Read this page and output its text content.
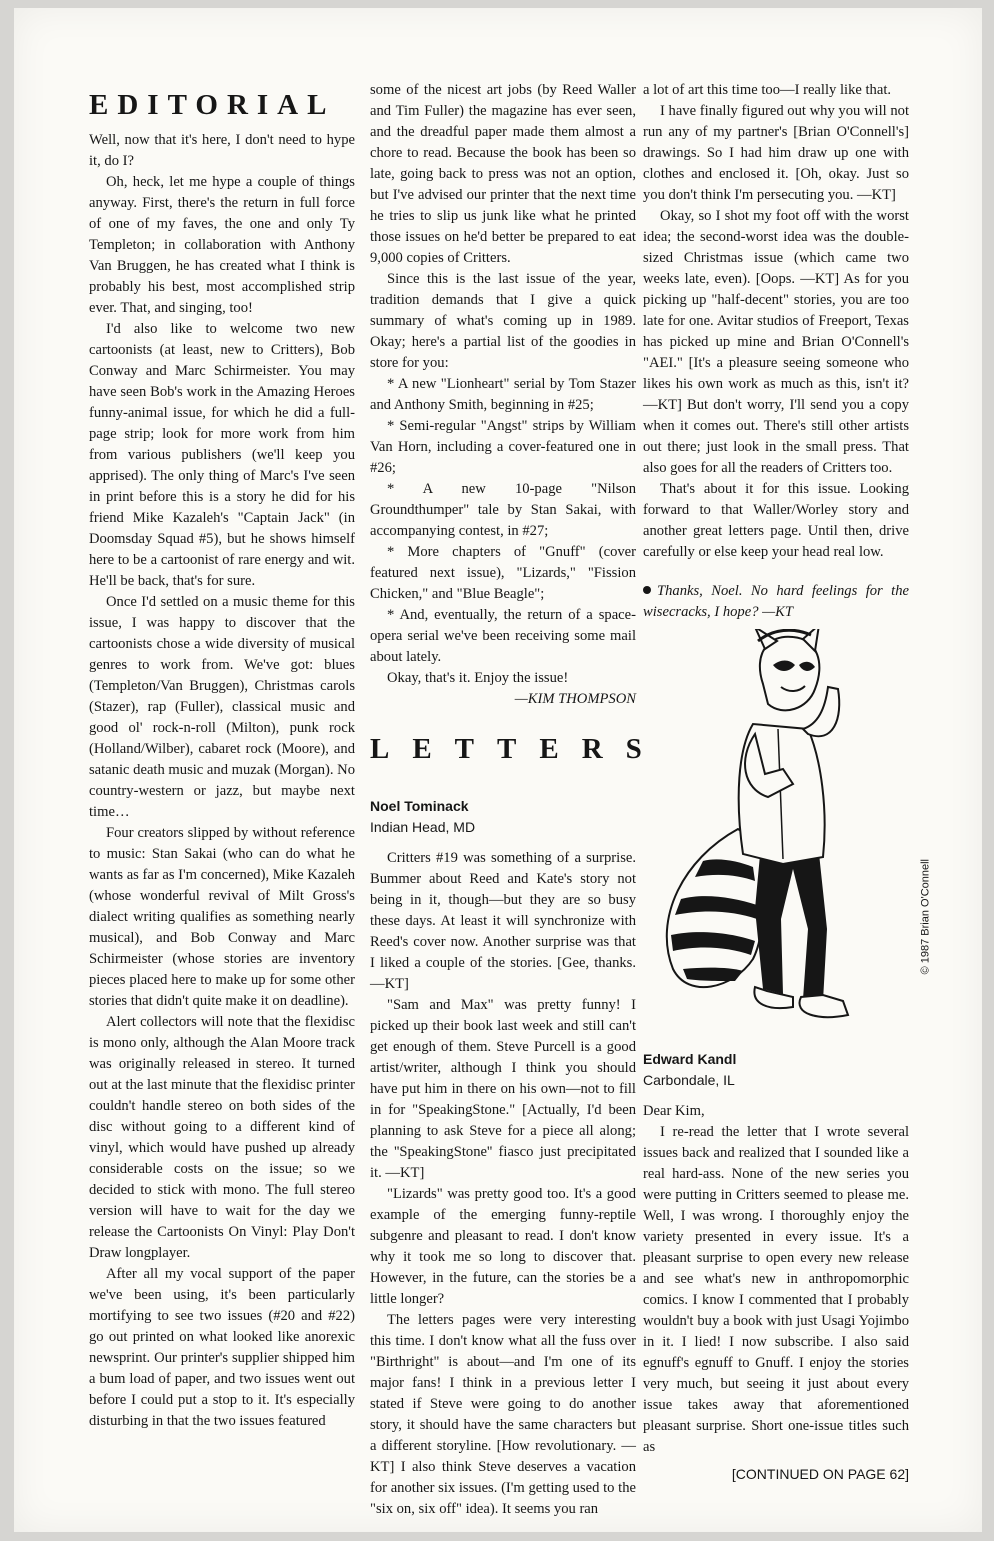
EDITORIAL

Well, now that it's here, I don't need to hype it, do I?

Oh, heck, let me hype a couple of things anyway. First, there's the return in full force of one of my faves, the one and only Ty Templeton; in collaboration with Anthony Van Bruggen, he has created what I think is probably his best, most accomplished strip ever. That, and singing, too!

I'd also like to welcome two new cartoonists (at least, new to Critters), Bob Conway and Marc Schirmeister. You may have seen Bob's work in the Amazing Heroes funny-animal issue, for which he did a full-page strip; look for more work from him from various publishers (we'll keep you apprised). The only thing of Marc's I've seen in print before this is a story he did for his friend Mike Kazaleh's "Captain Jack" (in Doomsday Squad #5), but he shows himself here to be a cartoonist of rare energy and wit. He'll be back, that's for sure.

Once I'd settled on a music theme for this issue, I was happy to discover that the cartoonists chose a wide diversity of musical genres to work from. We've got: blues (Templeton/Van Bruggen), Christmas carols (Stazer), rap (Fuller), classical music and good ol' rock-n-roll (Milton), punk rock (Holland/Wilber), cabaret rock (Moore), and satanic death music and muzak (Morgan). No country-western or jazz, but maybe next time…

Four creators slipped by without reference to music: Stan Sakai (who can do what he wants as far as I'm concerned), Mike Kazaleh (whose wonderful revival of Milt Gross's dialect writing qualifies as something nearly musical), and Bob Conway and Marc Schirmeister (whose stories are inventory pieces placed here to make up for some other stories that didn't quite make it on deadline).

Alert collectors will note that the flexidisc is mono only, although the Alan Moore track was originally released in stereo. It turned out at the last minute that the flexidisc printer couldn't handle stereo on both sides of the disc without going to a different kind of vinyl, which would have pushed up already considerable costs on the issue; so we decided to stick with mono. The full stereo version will have to wait for the day we release the Cartoonists On Vinyl: Play Don't Draw longplayer.

After all my vocal support of the paper we've been using, it's been particularly mortifying to see two issues (#20 and #22) go out printed on what looked like anorexic newsprint. Our printer's supplier shipped him a bum load of paper, and two issues went out before I could put a stop to it. It's especially disturbing in that the two issues featured

some of the nicest art jobs (by Reed Waller and Tim Fuller) the magazine has ever seen, and the dreadful paper made them almost a chore to read. Because the book has been so late, going back to press was not an option, but I've advised our printer that the next time he tries to slip us junk like what he printed those issues on he'd better be prepared to eat 9,000 copies of Critters.

Since this is the last issue of the year, tradition demands that I give a quick summary of what's coming up in 1989. Okay; here's a partial list of the goodies in store for you:

* A new "Lionheart" serial by Tom Stazer and Anthony Smith, beginning in #25;

* Semi-regular "Angst" strips by William Van Horn, including a cover-featured one in #26;

* A new 10-page "Nilson Groundthumper" tale by Stan Sakai, with accompanying contest, in #27;

* More chapters of "Gnuff" (cover featured next issue), "Lizards," "Fission Chicken," and "Blue Beagle";

* And, eventually, the return of a space-opera serial we've been receiving some mail about lately.

Okay, that's it. Enjoy the issue!

—KIM THOMPSON

LETTERS
Noel Tominack
Indian Head, MD

Critters #19 was something of a surprise. Bummer about Reed and Kate's story not being in it, though—but they are so busy these days. At least it will synchronize with Reed's cover now. Another surprise was that I liked a couple of the stories. [Gee, thanks. —KT]

"Sam and Max" was pretty funny! I picked up their book last week and still can't get enough of them. Steve Purcell is a good artist/writer, although I think you should have put him in there on his own—not to fill in for "SpeakingStone." [Actually, I'd been planning to ask Steve for a piece all along; the ''SpeakingStone'' fiasco just precipitated it. —KT]

"Lizards" was pretty good too. It's a good example of the emerging funny-reptile subgenre and pleasant to read. I don't know why it took me so long to discover that. However, in the future, can the stories be a little longer?

The letters pages were very interesting this time. I don't know what all the fuss over "Birthright" is about—and I'm one of its major fans! I think in a previous letter I stated if Steve were going to do another story, it should have the same characters but a different storyline. [How revolutionary. —KT] I also think Steve deserves a vacation for another six issues. (I'm getting used to the "six on, six off" idea). It seems you ran

a lot of art this time too—I really like that.

I have finally figured out why you will not run any of my partner's [Brian O'Connell's] drawings. So I had him draw up one with clothes and enclosed it. [Oh, okay. Just so you don't think I'm persecuting you. —KT]

Okay, so I shot my foot off with the worst idea; the second-worst idea was the double-sized Christmas issue (which came two weeks late, even). [Oops. —KT] As for you picking up "half-decent" stories, you are too late for one. Avitar studios of Freeport, Texas has picked up mine and Brian O'Connell's "AEI." [It's a pleasure seeing someone who likes his own work as much as this, isn't it? —KT] But don't worry, I'll send you a copy when it comes out. There's still other artists out there; just look in the small press. That also goes for all the readers of Critters too.

That's about it for this issue. Looking forward to that Waller/Worley story and another great letters page. Until then, drive carefully or else keep your head real low.

Thanks, Noel. No hard feelings for the wisecracks, I hope? —KT

© 1987 Brian O'Connell
Edward Kandl
Carbondale, IL

Dear Kim,

I re-read the letter that I wrote several issues back and realized that I sounded like a real hard-ass. None of the new series you were putting in Critters seemed to please me. Well, I was wrong. I thoroughly enjoy the variety presented in every issue. It's a pleasant surprise to open every new release and see what's new in anthropomorphic comics. I know I commented that I probably wouldn't buy a book with just Usagi Yojimbo in it. I lied! I now subscribe. I also said egnuff's egnuff to Gnuff. I enjoy the stories very much, but seeing it just about every issue takes away that aforementioned pleasant surprise. Short one-issue titles such as

[CONTINUED ON PAGE 62]
